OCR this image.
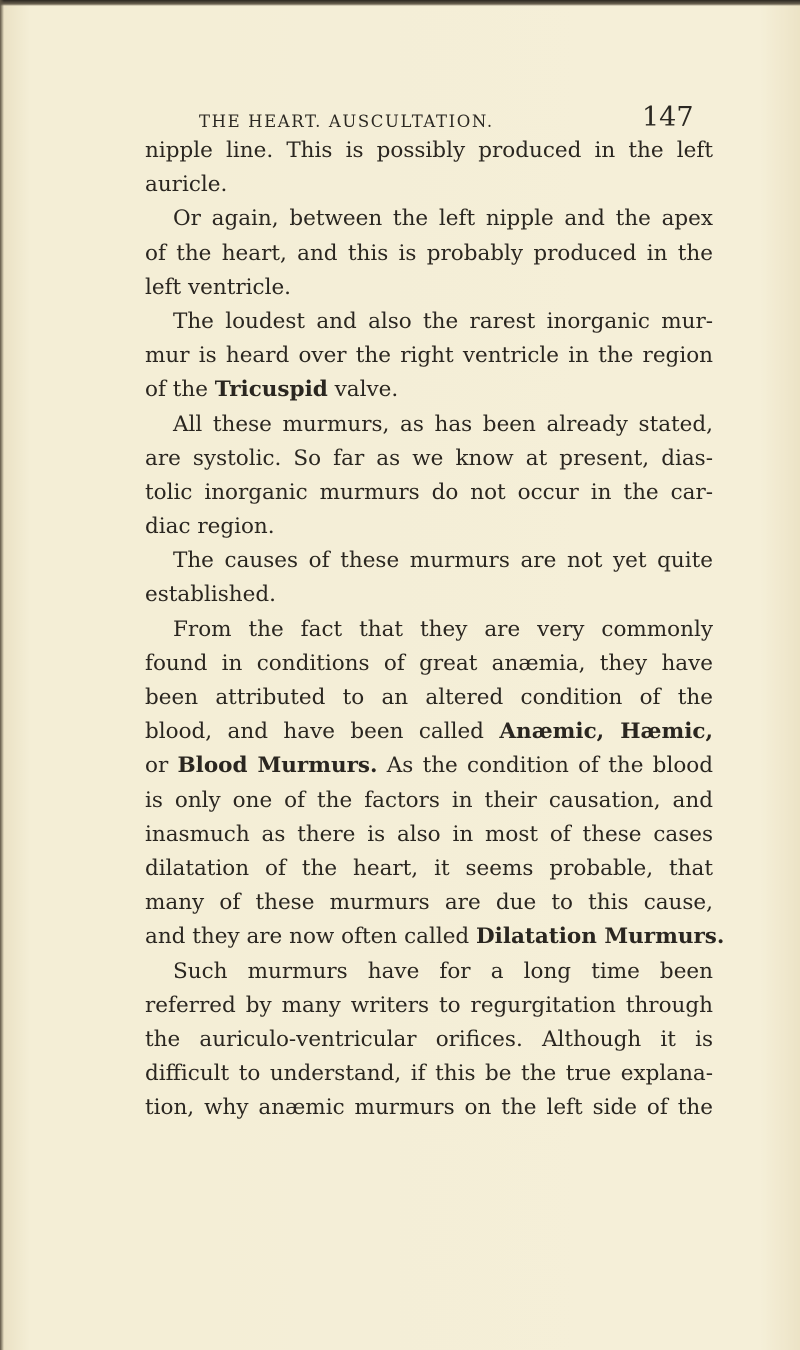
THE HEART. AUSCULTATION.	147
nipple line. This is possibly produced in the left
auricle.
Or again, between the left nipple and the apex
of the heart, and this is probably produced in the
left ventricle.
The loudest and also the rarest inorganic mur-
mur is heard over the right ventricle in the region
of the Tricuspid valve.
All these murmurs, as has been already stated,
are systolic. So far as we know at present, dias-
tolic inorganic murmurs do not occur in the car-
diac region.
The causes of these murmurs are not yet quite
established.
From the fact that they are very commonly
found in conditions of great anæmia, they have
been attributed to an altered condition of the
blood, and have been called Anæmic, Hæmic,
or Blood Murmurs. As the condition of the blood
is only one of the factors in their causation, and
inasmuch as there is also in most of these cases
dilatation of the heart, it seems probable, that
many of these murmurs are due to this cause,
and they are now often called Dilatation Murmurs.
Such murmurs have for a long time been
referred by many writers to regurgitation through
the auriculo-ventricular orifices. Although it is
difficult to understand, if this be the true explana-
tion, why anæmic murmurs on the left side of the
